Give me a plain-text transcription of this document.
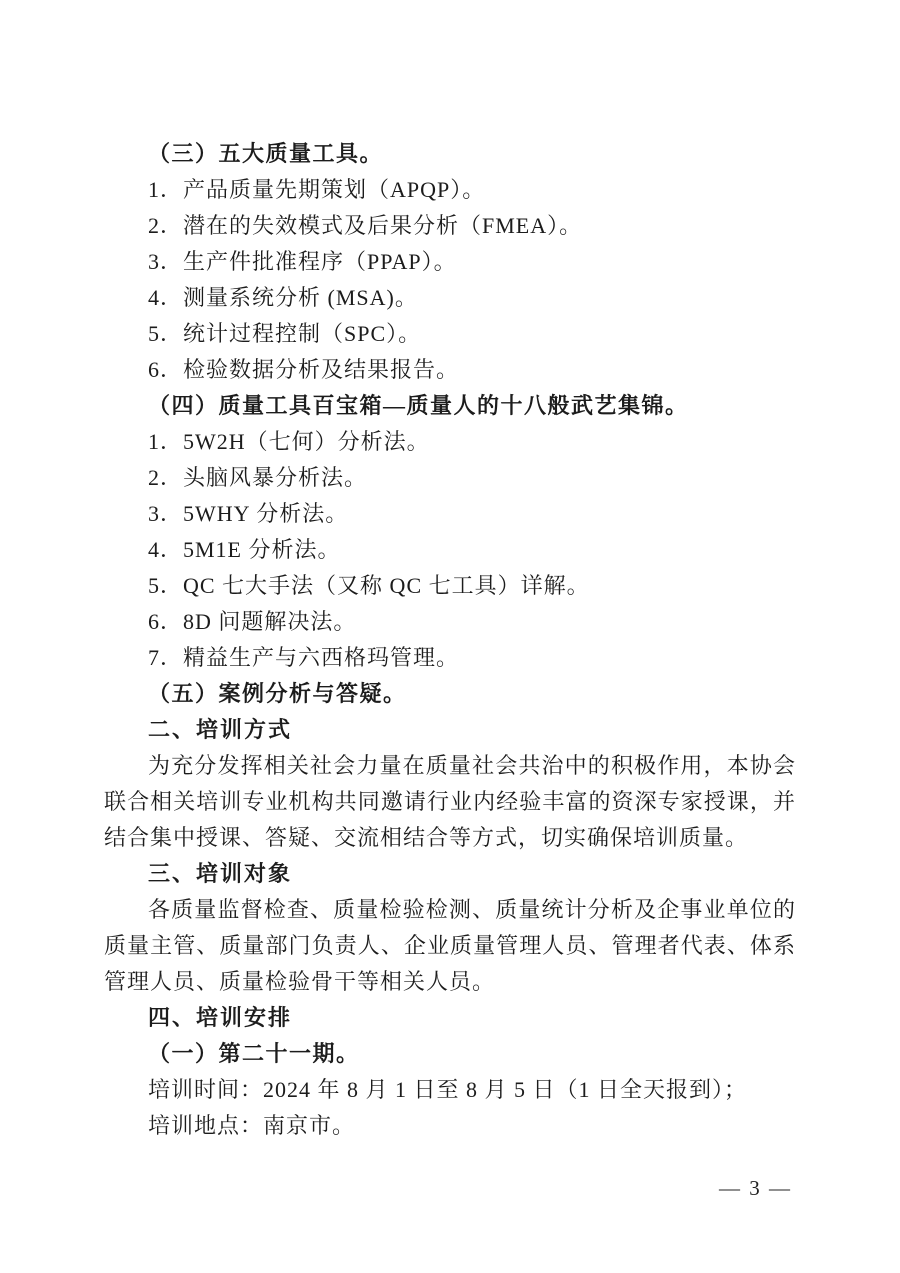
（三）五大质量工具。
1．产品质量先期策划（APQP）。
2．潜在的失效模式及后果分析（FMEA）。
3．生产件批准程序（PPAP）。
4．测量系统分析 (MSA)。
5．统计过程控制（SPC）。
6．检验数据分析及结果报告。
（四）质量工具百宝箱—质量人的十八般武艺集锦。
1．5W2H（七何）分析法。
2．头脑风暴分析法。
3．5WHY 分析法。
4．5M1E 分析法。
5．QC 七大手法（又称 QC 七工具）详解。
6．8D 问题解决法。
7．精益生产与六西格玛管理。
（五）案例分析与答疑。
二、培训方式
为充分发挥相关社会力量在质量社会共治中的积极作用，本协会联合相关培训专业机构共同邀请行业内经验丰富的资深专家授课，并结合集中授课、答疑、交流相结合等方式，切实确保培训质量。
三、培训对象
各质量监督检查、质量检验检测、质量统计分析及企事业单位的质量主管、质量部门负责人、企业质量管理人员、管理者代表、体系管理人员、质量检验骨干等相关人员。
四、培训安排
（一）第二十一期。
培训时间：2024 年 8 月 1 日至 8 月 5 日（1 日全天报到）；
培训地点：南京市。
— 3 —
